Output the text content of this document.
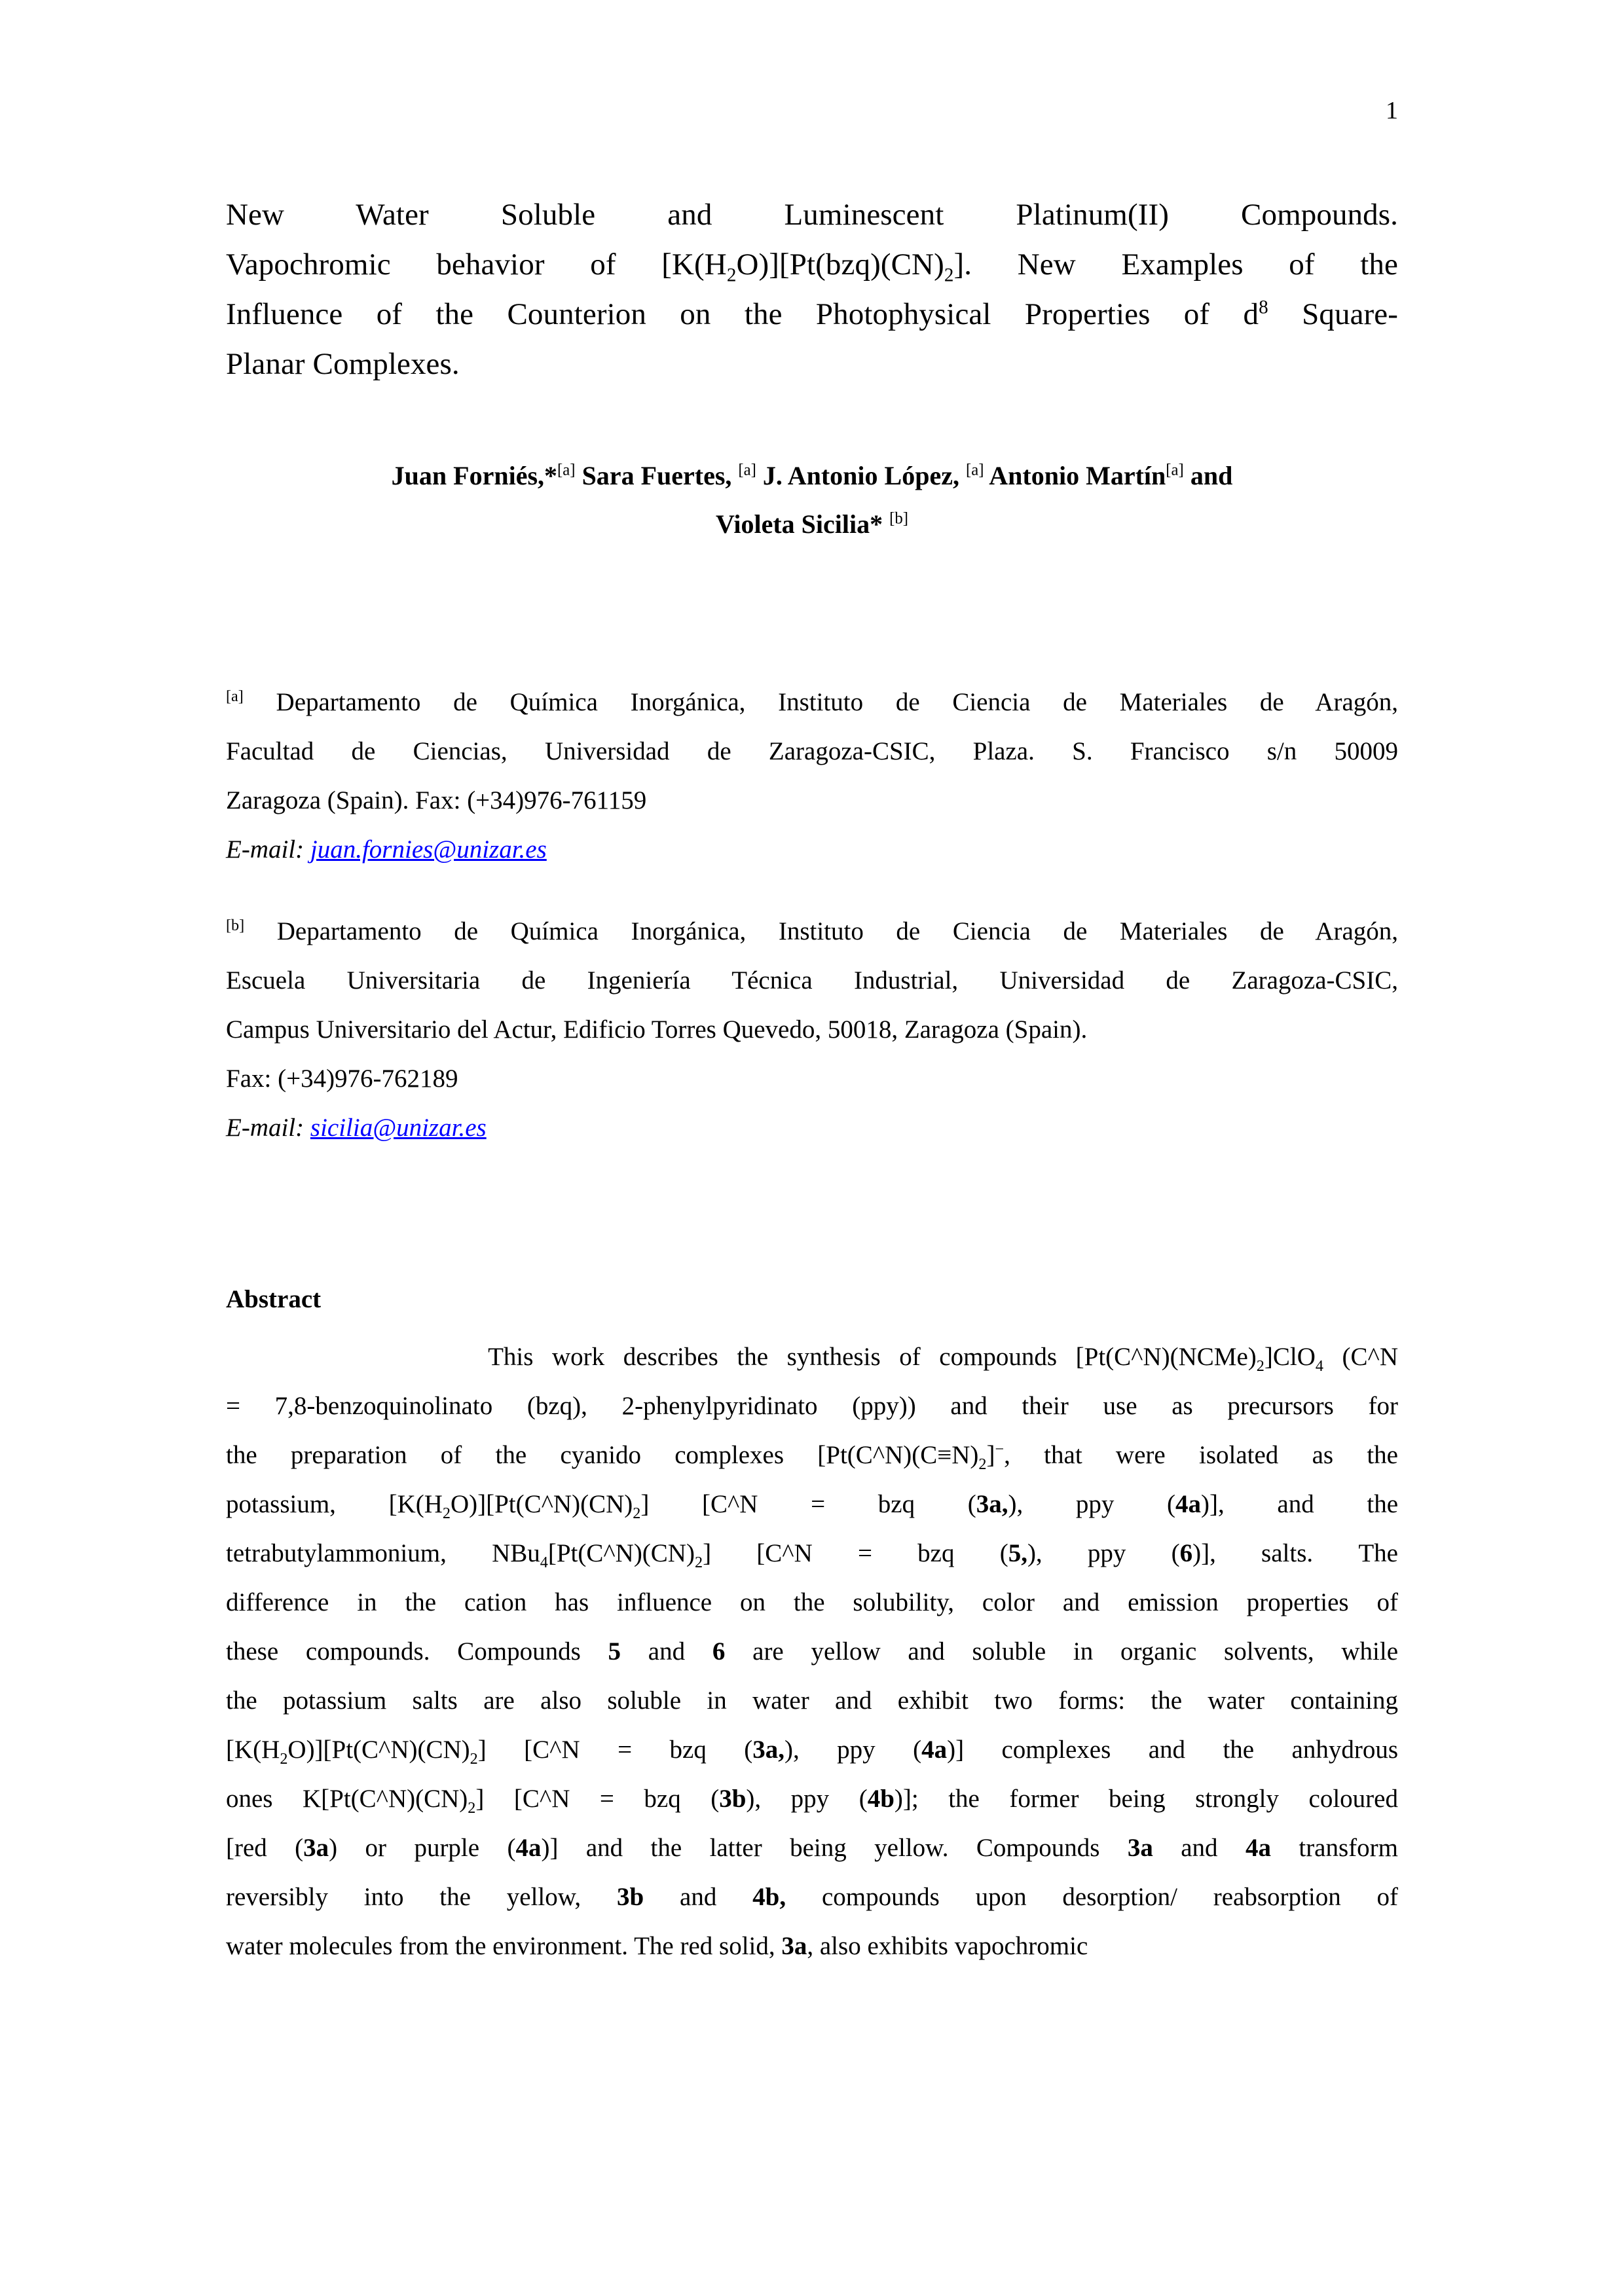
1
New Water Soluble and Luminescent Platinum(II) Compounds.
Vapochromic behavior of $[K(H_2O)][Pt(bzq)(CN)_2]$. New Examples of the
Influence of the Counterion on the Photophysical Properties of $d^8$ Square-
Planar Complexes.
Juan Forniés,*[a] Sara Fuertes, [a] J. Antonio López, [a] Antonio Martín[a] and
Violeta Sicilia* [b]
[a] Departamento de Química Inorgánica, Instituto de Ciencia de Materiales de Aragón,
Facultad de Ciencias, Universidad de Zaragoza-CSIC, Plaza. S. Francisco s/n 50009
Zaragoza (Spain). Fax: (+34)976-761159
E-mail: juan.fornies@unizar.es
[b] Departamento de Química Inorgánica, Instituto de Ciencia de Materiales de Aragón,
Escuela Universitaria de Ingeniería Técnica Industrial, Universidad de Zaragoza-CSIC,
Campus Universitario del Actur, Edificio Torres Quevedo, 50018, Zaragoza (Spain).
Fax: (+34)976-762189
E-mail: sicilia@unizar.es
Abstract
This work describes the synthesis of compounds $[Pt(C\^{}N)(NCMe)_2]ClO_4$ (C^N
= 7,8-benzoquinolinato (bzq), 2-phenylpyridinato (ppy)) and their use as precursors for
the preparation of the cyanido complexes $[Pt(C\^{}N)(C\equiv N)_2]^-$, that were isolated as the
potassium,  $[K(H_2O)][Pt(C\^{}N)(CN)_2]$  [C^N  =  bzq  (3a,),  ppy  (4a)],  and  the
tetrabutylammonium,  $NBu_4[Pt(C\^{}N)(CN)_2]$  [C^N  =  bzq  (5,),  ppy  (6)],  salts.  The
difference in the cation has influence on the solubility, color and emission properties of
these compounds. Compounds 5 and 6 are yellow and soluble in organic solvents, while
the potassium salts are also soluble in water and exhibit two forms: the water containing
$[K(H_2O)][Pt(C\^{}N)(CN)_2]$ [C^N = bzq (3a,), ppy (4a)] complexes and the anhydrous
ones $K[Pt(C\^{}N)(CN)_2]$ [C^N = bzq (3b), ppy (4b)]; the former being strongly coloured
[red (3a) or purple (4a)] and the latter being yellow. Compounds 3a and 4a transform
reversibly into the yellow, 3b and 4b, compounds upon desorption/ reabsorption of
water molecules from the environment. The red solid, 3a, also exhibits vapochromic
